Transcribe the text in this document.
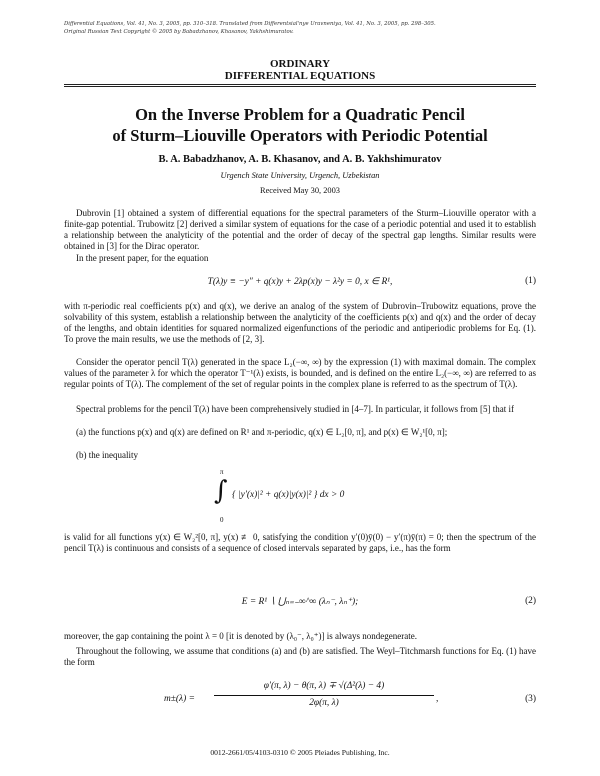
Differential Equations, Vol. 41, No. 3, 2005, pp. 310–318. Translated from Differentsial'nye Uravneniya, Vol. 41, No. 3, 2005, pp. 298–305.
Original Russian Text Copyright © 2005 by Babadzhanov, Khasanov, Yakhshimuratov.
ORDINARY
DIFFERENTIAL EQUATIONS
On the Inverse Problem for a Quadratic Pencil
of Sturm–Liouville Operators with Periodic Potential
B. A. Babadzhanov, A. B. Khasanov, and A. B. Yakhshimuratov
Urgench State University, Urgench, Uzbekistan
Received May 30, 2003

Dubrovin [1] obtained a system of differential equations for the spectral parameters of the Sturm–Liouville operator with a finite-gap potential. Trubowitz [2] derived a similar system of equations for the case of a periodic potential and used it to establish a relationship between the analyticity of the potential and the order of decay of the spectral gap lengths. Similar results were obtained in [3] for the Dirac operator.

In the present paper, for the equation

T(λ)y ≡ −y″ + q(x)y + 2λp(x)y − λ²y = 0, x ∈ R¹,	(1)

with π-periodic real coefficients p(x) and q(x), we derive an analog of the system of Dubrovin–Trubowitz equations, prove the solvability of this system, establish a relationship between the analyticity of the coefficients p(x) and q(x) and the order of decay of the lengths, and obtain identities for squared normalized eigenfunctions of the periodic and antiperiodic problems for Eq. (1). To prove the main results, we use the methods of [2, 3].

Consider the operator pencil T(λ) generated in the space L₂(−∞, ∞) by the expression (1) with maximal domain. The complex values of the parameter λ for which the operator T⁻¹(λ) exists, is bounded, and is defined on the entire L₂(−∞, ∞) are referred to as regular points of T(λ). The complement of the set of regular points in the complex plane is referred to as the spectrum of T(λ).

Spectral problems for the pencil T(λ) have been comprehensively studied in [4–7]. In particular, it follows from [5] that if

(a) the functions p(x) and q(x) are defined on R¹ and π-periodic, q(x) ∈ L₂[0, π], and p(x) ∈ W₂¹[0, π];

(b) the inequality

π
∫
0
{ |y′(x)|² + q(x)|y(x)|² } dx > 0

is valid for all functions y(x) ∈ W₂²[0, π], y(x) ≢ 0, satisfying the condition y′(0)ȳ(0) − y′(π)ȳ(π) = 0; then the spectrum of the pencil T(λ) is continuous and consists of a sequence of closed intervals separated by gaps, i.e., has the form

E = R¹ ∖ ⋃ₙ₌₋∞^∞ (λₙ⁻, λₙ⁺);	(2)

moreover, the gap containing the point λ = 0 [it is denoted by (λ₀⁻, λ₀⁺)] is always nondegenerate.

Throughout the following, we assume that conditions (a) and (b) are satisfied. The Weyl–Titchmarsh functions for Eq. (1) have the form

m±(λ) =
φ′(π, λ) − θ(π, λ) ∓ √(Δ²(λ) − 4)
2φ(π, λ)	,	(3)
0012-2661/05/4103-0310 © 2005 Pleiades Publishing, Inc.
